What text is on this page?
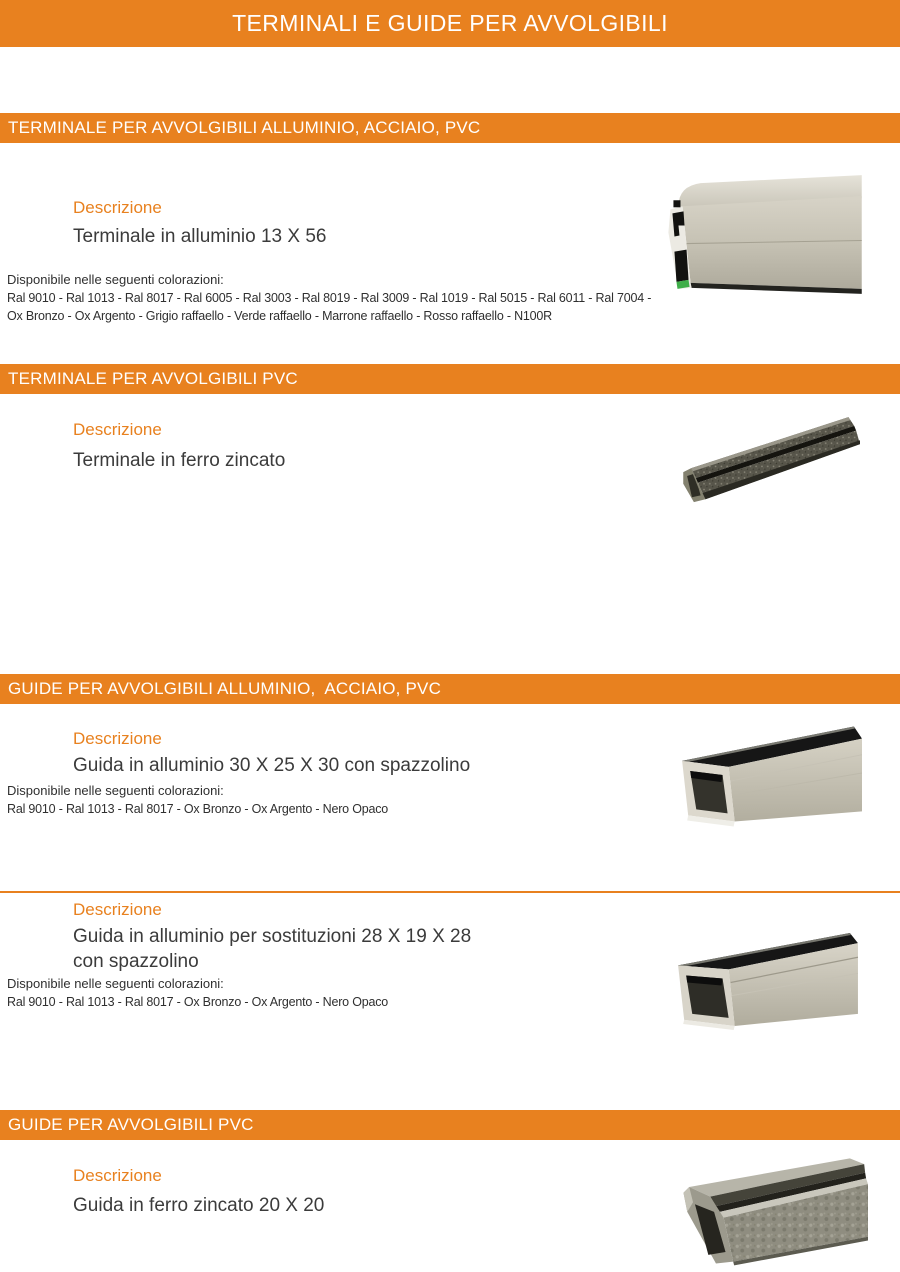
TERMINALI E GUIDE PER AVVOLGIBILI
TERMINALE PER AVVOLGIBILI ALLUMINIO, ACCIAIO, PVC
Descrizione
Terminale in alluminio 13 X 56
Disponibile nelle seguenti colorazioni:
Ral 9010 - Ral 1013 - Ral 8017 - Ral 6005 - Ral 3003 - Ral 8019 - Ral 3009 - Ral 1019 - Ral 5015 - Ral 6011 - Ral 7004 -
Ox Bronzo - Ox Argento - Grigio raffaello - Verde raffaello - Marrone raffaello - Rosso raffaello - N100R
TERMINALE PER AVVOLGIBILI PVC
Descrizione
Terminale in ferro zincato
GUIDE PER AVVOLGIBILI ALLUMINIO,  ACCIAIO, PVC
Descrizione
Guida in alluminio 30 X 25 X 30 con spazzolino
Disponibile nelle seguenti colorazioni:
Ral 9010 - Ral 1013 - Ral 8017 - Ox Bronzo - Ox Argento - Nero Opaco
Descrizione
Guida in alluminio per sostituzioni 28 X 19 X 28
con spazzolino
Disponibile nelle seguenti colorazioni:
Ral 9010 - Ral 1013 - Ral 8017 - Ox Bronzo - Ox Argento - Nero Opaco
GUIDE PER AVVOLGIBILI PVC
Descrizione
Guida in ferro zincato 20 X 20
